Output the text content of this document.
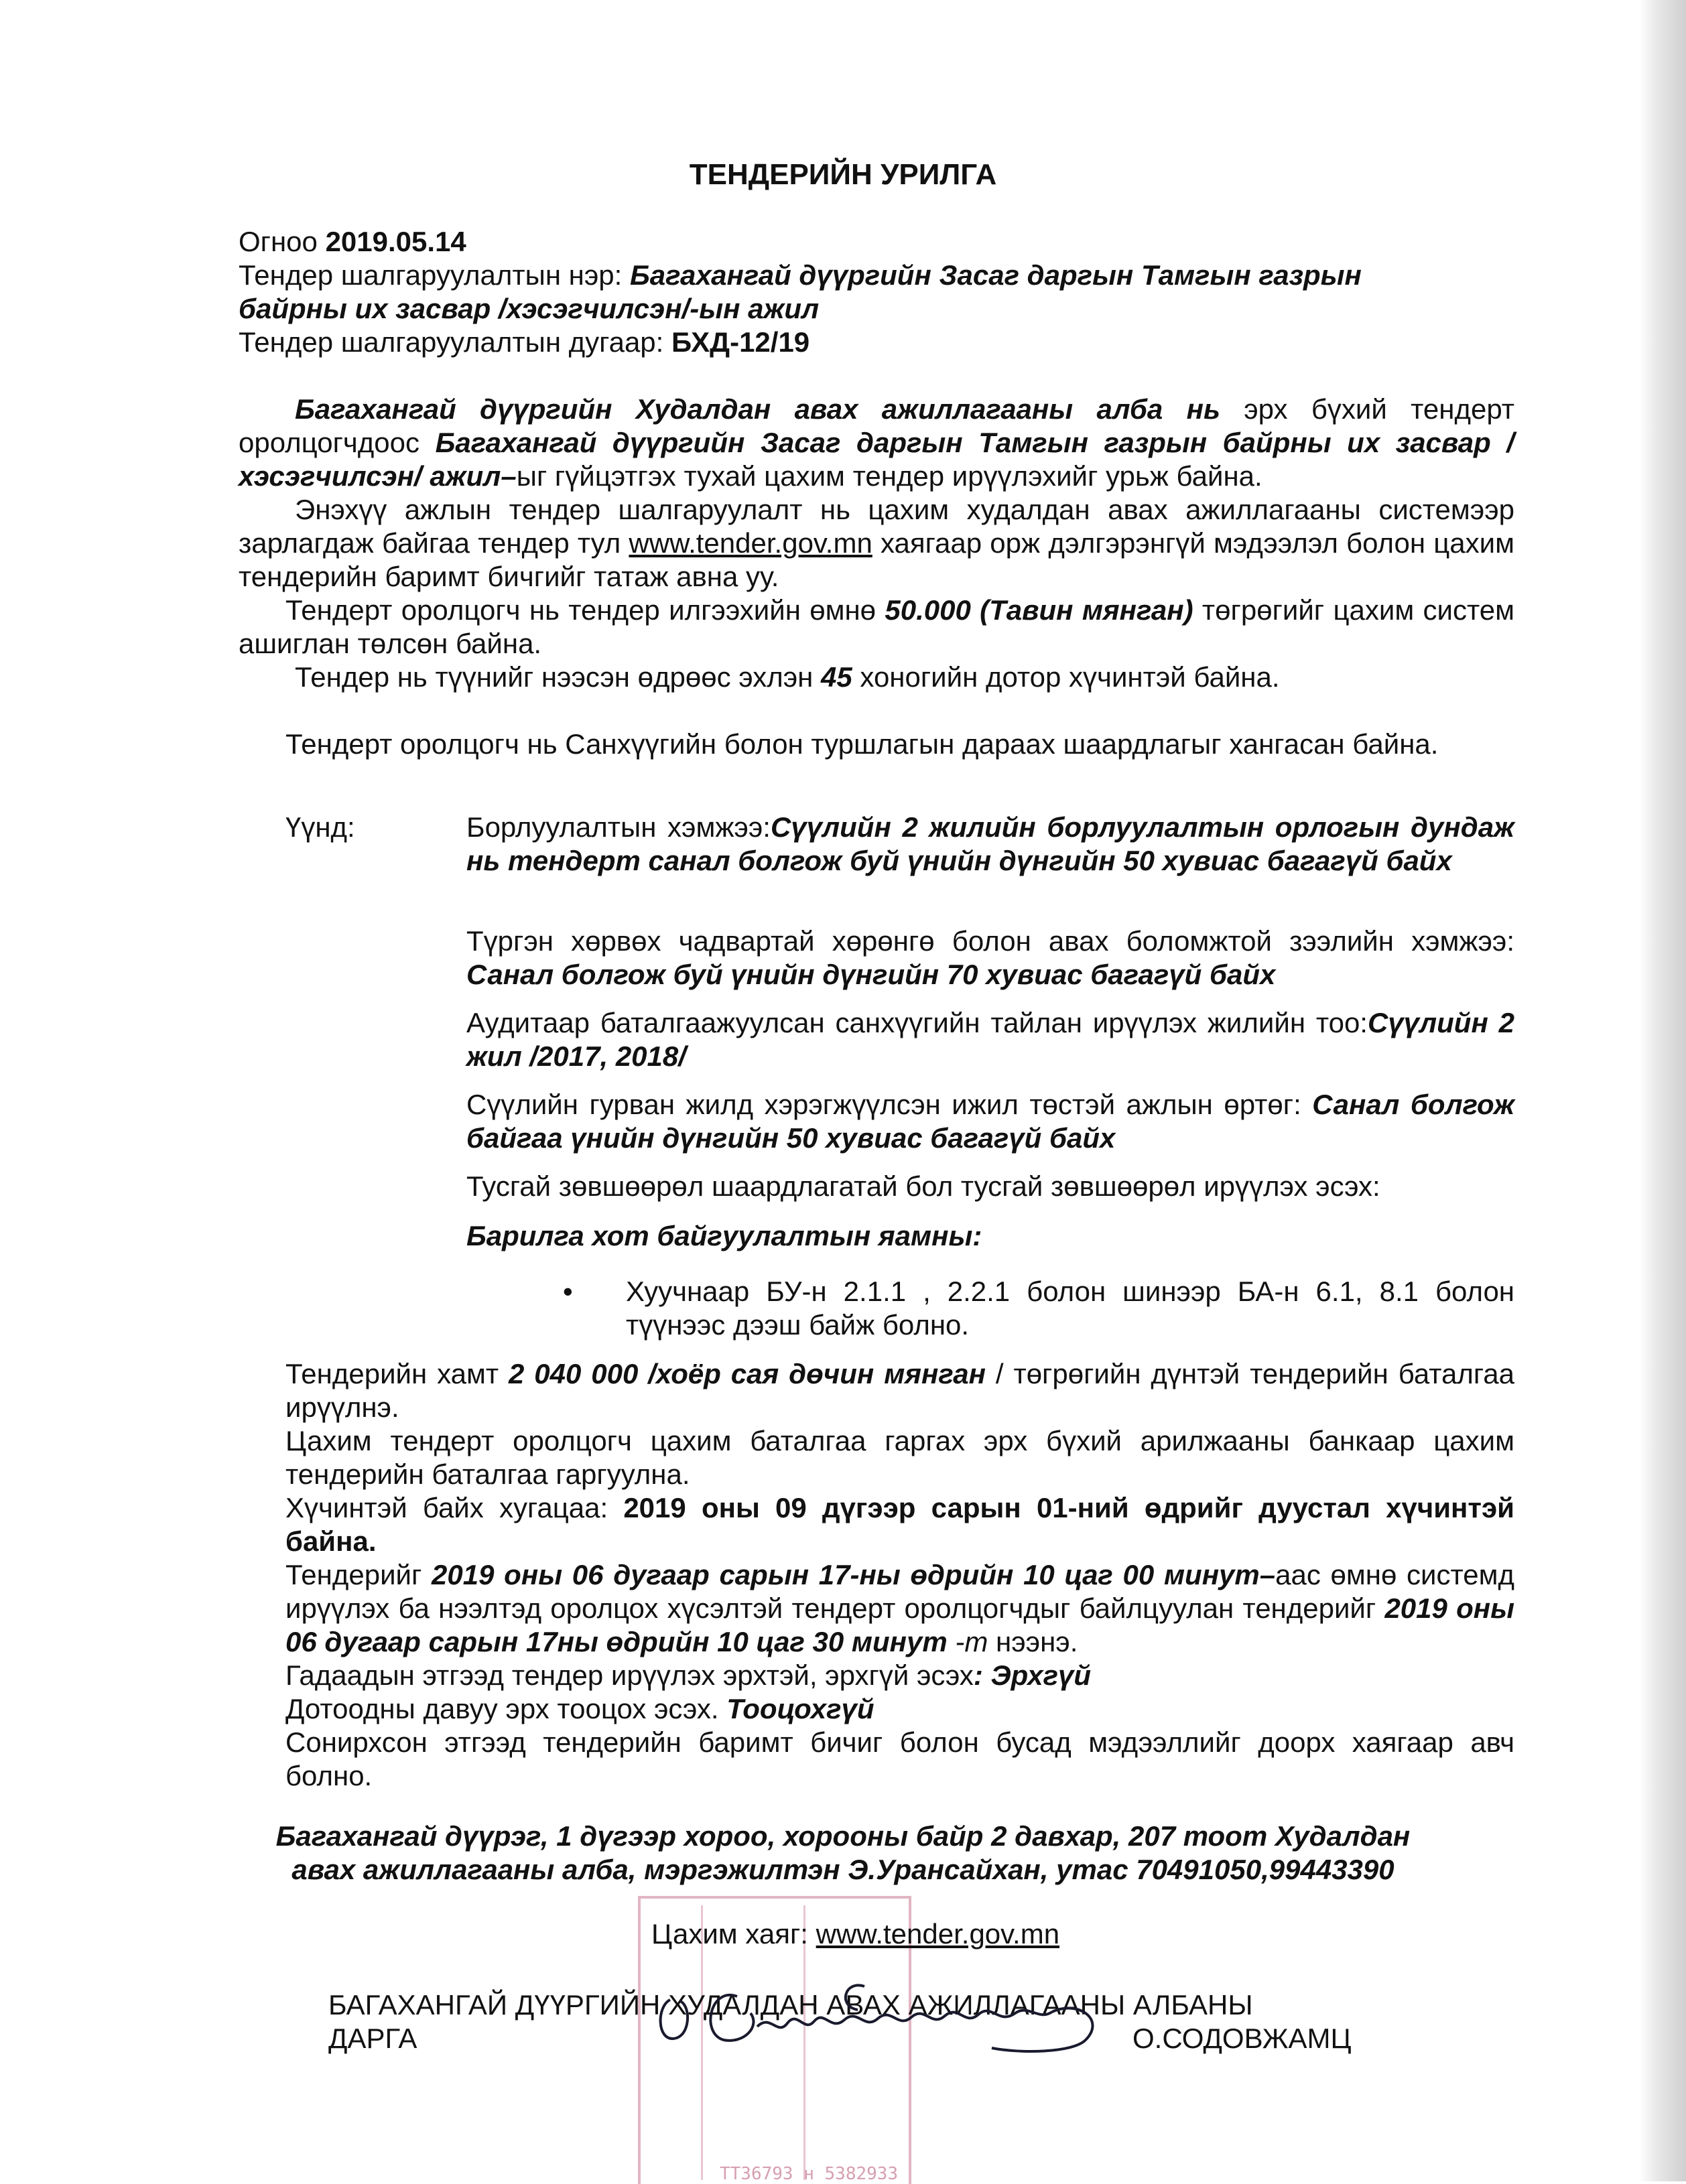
ТЕНДЕРИЙН УРИЛГА
Огноо 2019.05.14
Тендер шалгаруулалтын нэр: Багахангай дүүргийн Засаг даргын Тамгын газрын
байрны их засвар /хэсэгчилсэн/-ын ажил
Тендер шалгаруулалтын дугаар: БХД-12/19
Багахангай дүүргийн Худалдан авах ажиллагааны алба нь эрх бүхий тендерт оролцогчдоос Багахангай дүүргийн Засаг даргын Тамгын газрын байрны их засвар /хэсэгчилсэн/ ажил–ыг гүйцэтгэх тухай цахим тендер ирүүлэхийг урьж байна.
Энэхүү ажлын тендер шалгаруулалт нь цахим худалдан авах ажиллагааны системээр зарлагдаж байгаа тендер тул www.tender.gov.mn хаягаар орж дэлгэрэнгүй мэдээлэл болон цахим тендерийн баримт бичгийг татаж авна уу.
Тендерт оролцогч нь тендер илгээхийн өмнө 50.000 (Тавин мянган) төгрөгийг цахим систем ашиглан төлсөн байна.
Тендер нь түүнийг нээсэн өдрөөс эхлэн 45 хоногийн дотор хүчинтэй байна.
Тендерт оролцогч нь Санхүүгийн болон туршлагын дараах шаардлагыг хангасан байна.
Үүнд:	Борлуулалтын хэмжээ:Сүүлийн 2 жилийн борлуулалтын орлогын дундаж нь тендерт санал болгож буй үнийн дүнгийн 50 хувиас багагүй байх
Түргэн хөрвөх чадвартай хөрөнгө болон авах боломжтой зээлийн хэмжээ: Санал болгож буй үнийн дүнгийн 70 хувиас багагүй байх
Аудитаар баталгаажуулсан санхүүгийн тайлан ирүүлэх жилийн тоо:Сүүлийн 2 жил /2017, 2018/
Сүүлийн гурван жилд хэрэгжүүлсэн ижил төстэй ажлын өртөг: Санал болгож байгаа үнийн дүнгийн 50 хувиас багагүй байх
Тусгай зөвшөөрөл шаардлагатай бол тусгай зөвшөөрөл ирүүлэх эсэх:
Барилга хот байгуулалтын яамны:
• Хуучнаар БУ-н 2.1.1 , 2.2.1 болон шинээр БА-н 6.1, 8.1 болон түүнээс дээш байж болно.
Тендерийн хамт 2 040 000 /хоёр сая дөчин мянган / төгрөгийн дүнтэй тендерийн баталгаа ирүүлнэ.
Цахим тендерт оролцогч цахим баталгаа гаргах эрх бүхий арилжааны банкаар цахим тендерийн баталгаа гаргуулна.
Хүчинтэй байх хугацаа: 2019 оны 09 дүгээр сарын 01-ний өдрийг дуустал хүчинтэй байна.
Тендерийг 2019 оны 06 дугаар сарын 17-ны өдрийн 10 цаг 00 минут–аас өмнө системд ирүүлэх ба нээлтэд оролцох хүсэлтэй тендерт оролцогчдыг байлцуулан тендерийг 2019 оны 06 дугаар сарын 17ны өдрийн 10 цаг 30 минут -т нээнэ.
Гадаадын этгээд тендер ирүүлэх эрхтэй, эрхгүй эсэх: Эрхгүй
Дотоодны давуу эрх тооцох эсэх. Тооцохгүй
Сонирхсон этгээд тендерийн баримт бичиг болон бусад мэдээллийг доорх хаягаар авч болно.
Багахангай дүүрэг, 1 дүгээр хороо, хорооны байр 2 давхар, 207 тоот Худалдан
авах ажиллагааны алба, мэргэжилтэн Э.Урансайхан, утас 70491050,99443390
ТТ36793 н 5382933
Цахим хаяг: www.tender.gov.mn
БАГАХАНГАЙ ДҮҮРГИЙН ХУДАЛДАН АВАХ АЖИЛЛАГААНЫ АЛБАНЫ
ДАРГА	О.СОДОВЖАМЦ
